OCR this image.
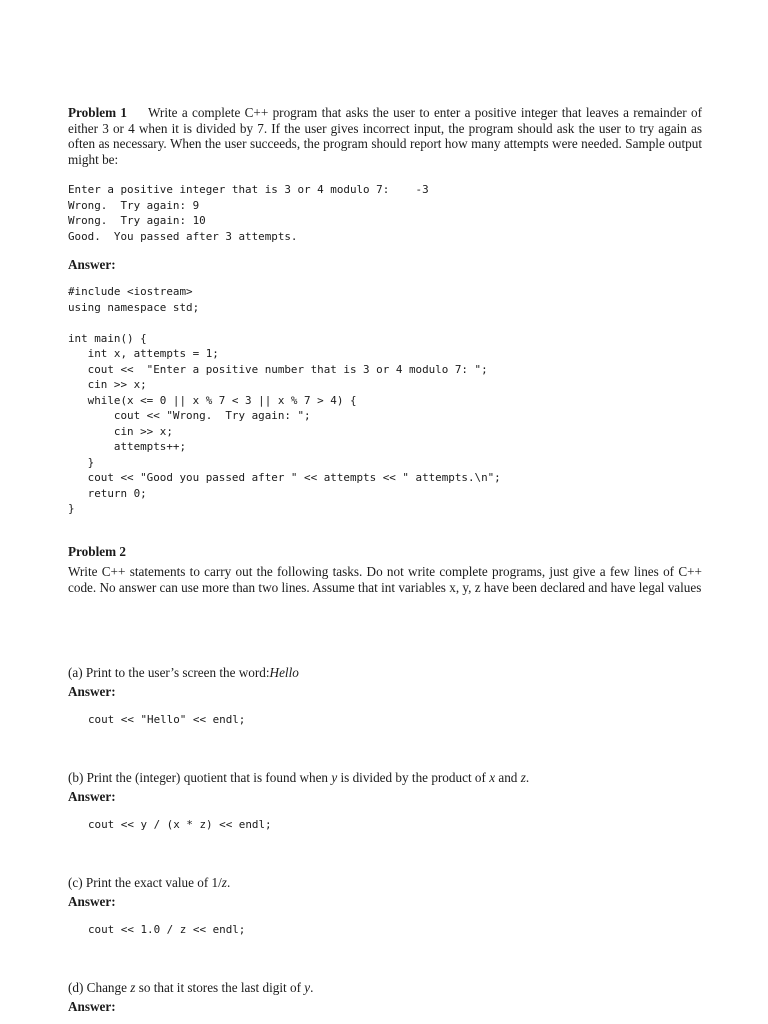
Problem 1 Write a complete C++ program that asks the user to enter a positive integer that leaves a remainder of either 3 or 4 when it is divided by 7. If the user gives incorrect input, the program should ask the user to try again as often as necessary. When the user succeeds, the program should report how many attempts were needed. Sample output might be:
Enter a positive integer that is 3 or 4 modulo 7:    -3
Wrong.  Try again: 9
Wrong.  Try again: 10
Good.  You passed after 3 attempts.
Answer:
#include <iostream>
using namespace std;

int main() {
int x, attempts = 1;
cout <<  "Enter a positive number that is 3 or 4 modulo 7: ";
cin >> x;
while(x <= 0 || x % 7 < 3 || x % 7 > 4) {
cout << "Wrong.  Try again: ";
cin >> x;
attempts++;
}
cout << "Good you passed after " << attempts << " attempts.\n";
return 0;
}
Problem 2
Write C++ statements to carry out the following tasks. Do not write complete programs, just give a few lines of C++ code. No answer can use more than two lines. Assume that int variables x, y, z have been declared and have legal values
(a) Print to the user’s screen the word:Hello
Answer:
cout << "Hello" << endl;
(b) Print the (integer) quotient that is found when y is divided by the product of x and z.
Answer:
cout << y / (x * z) << endl;
(c) Print the exact value of 1/z.
Answer:
cout << 1.0 / z << endl;
(d) Change z so that it stores the last digit of y.
Answer:
